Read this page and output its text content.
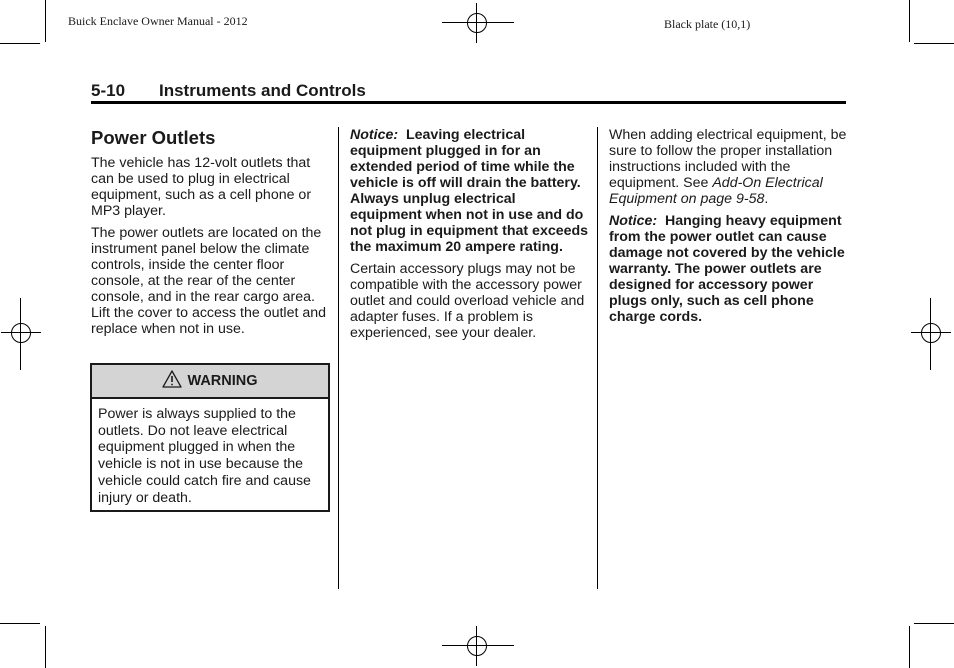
Buick Enclave Owner Manual - 2012	Black plate (10,1)
5-10 Instruments and Controls
Power Outlets

The vehicle has 12-volt outlets that can be used to plug in electrical equipment, such as a cell phone or MP3 player.

The power outlets are located on the instrument panel below the climate controls, inside the center floor console, at the rear of the center console, and in the rear cargo area. Lift the cover to access the outlet and replace when not in use.

WARNING
Power is always supplied to the outlets. Do not leave electrical equipment plugged in when the vehicle is not in use because the vehicle could catch fire and cause injury or death.

Notice: Leaving electrical equipment plugged in for an extended period of time while the vehicle is off will drain the battery. Always unplug electrical equipment when not in use and do not plug in equipment that exceeds the maximum 20 ampere rating.

Certain accessory plugs may not be compatible with the accessory power outlet and could overload vehicle and adapter fuses. If a problem is experienced, see your dealer.

When adding electrical equipment, be sure to follow the proper installation instructions included with the equipment. See Add-On Electrical Equipment on page 9-58.

Notice: Hanging heavy equipment from the power outlet can cause damage not covered by the vehicle warranty. The power outlets are designed for accessory power plugs only, such as cell phone charge cords.
